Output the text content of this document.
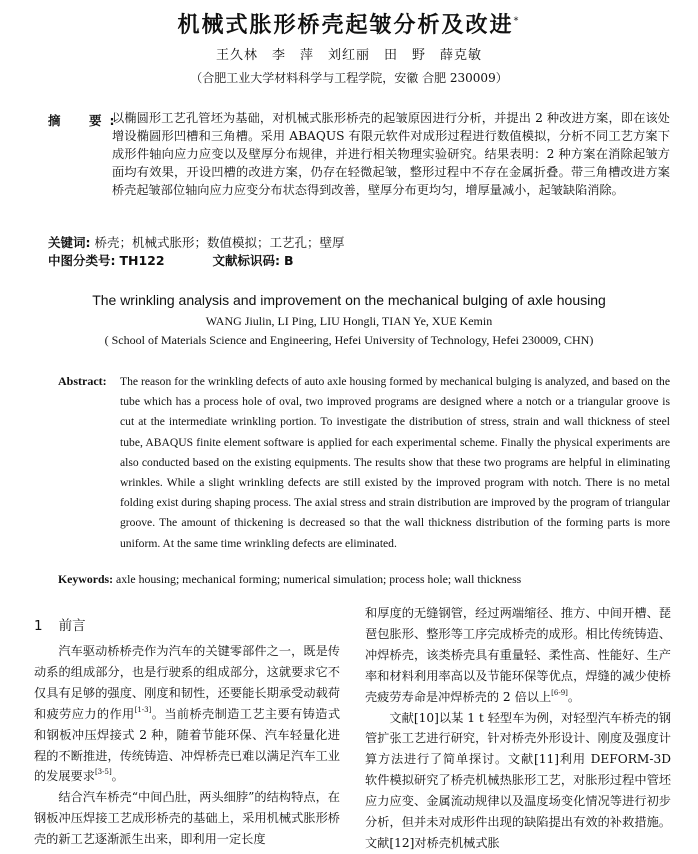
机械式胀形桥壳起皱分析及改进*
王久林　李　萍　刘红丽　田　野　薛克敏
（合肥工业大学材料科学与工程学院，安徽 合肥 230009）
摘　要:
以椭圆形工艺孔管坯为基础，对机械式胀形桥壳的起皱原因进行分析，并提出 2 种改进方案，即在该处增设椭圆形凹槽和三角槽。采用 ABAQUS 有限元软件对成形过程进行数值模拟，分析不同工艺方案下成形件轴向应力应变以及壁厚分布规律，并进行相关物理实验研究。结果表明：2 种方案在消除起皱方面均有效果，开设凹槽的改进方案，仍存在轻微起皱，整形过程中不存在金属折叠。带三角槽改进方案桥壳起皱部位轴向应力应变分布状态得到改善，壁厚分布更均匀，增厚量减小，起皱缺陷消除。
关键词: 桥壳；机械式胀形；数值模拟；工艺孔；壁厚
中图分类号: TH122	文献标识码: B
The wrinkling analysis and improvement on the mechanical bulging of axle housing
WANG Jiulin, LI Ping, LIU Hongli, TIAN Ye, XUE Kemin
( School of Materials Science and Engineering, Hefei University of Technology, Hefei 230009, CHN)
Abstract: The reason for the wrinkling defects of auto axle housing formed by mechanical bulging is analyzed, and based on the tube which has a process hole of oval, two improved programs are designed where a notch or a triangular groove is cut at the intermediate wrinkling portion. To investigate the distribution of stress, strain and wall thickness of steel tube, ABAQUS finite element software is applied for each experimental scheme. Finally the physical experiments are also conducted based on the existing equipments. The results show that these two programs are helpful in eliminating wrinkles. While a slight wrinkling defects are still existed by the improved program with notch. There is no metal folding exist during shaping process. The axial stress and strain distribution are improved by the program of triangular groove. The amount of thickening is decreased so that the wall thickness distribution of the forming parts is more uniform. At the same time wrinkling defects are eliminated.
Keywords: axle housing; mechanical forming; numerical simulation; process hole; wall thickness
1 前言

汽车驱动桥桥壳作为汽车的关键零部件之一，既是传动系的组成部分，也是行驶系的组成部分，这就要求它不仅具有足够的强度、刚度和韧性，还要能长期承受动载荷和疲劳应力的作用[1-3]。当前桥壳制造工艺主要有铸造式和钢板冲压焊接式 2 种，随着节能环保、汽车轻量化进程的不断推进，传统铸造、冲焊桥壳已难以满足汽车工业的发展要求[3-5]。

结合汽车桥壳“中间凸肚，两头细脖”的结构特点，在钢板冲压焊接工艺成形桥壳的基础上，采用机械式胀形桥壳的新工艺逐渐派生出来，即利用一定长度

和厚度的无缝钢管，经过两端缩径、推方、中间开槽、琵琶包胀形、整形等工序完成桥壳的成形。相比传统铸造、冲焊桥壳，该类桥壳具有重量轻、柔性高、性能好、生产率和材料利用率高以及节能环保等优点，焊缝的减少使桥壳疲劳寿命是冲焊桥壳的 2 倍以上[6-9]。

文献[10]以某 1 t 轻型车为例，对轻型汽车桥壳的钢管扩张工艺进行研究，针对桥壳外形设计、刚度及强度计算方法进行了简单探讨。文献[11]利用 DEFORM-3D 软件模拟研究了桥壳机械热胀形工艺，对胀形过程中管坯应力应变、金属流动规律以及温度场变化情况等进行初步分析，但并未对成形件出现的缺陷提出有效的补救措施。文献[12]对桥壳机械式胀
